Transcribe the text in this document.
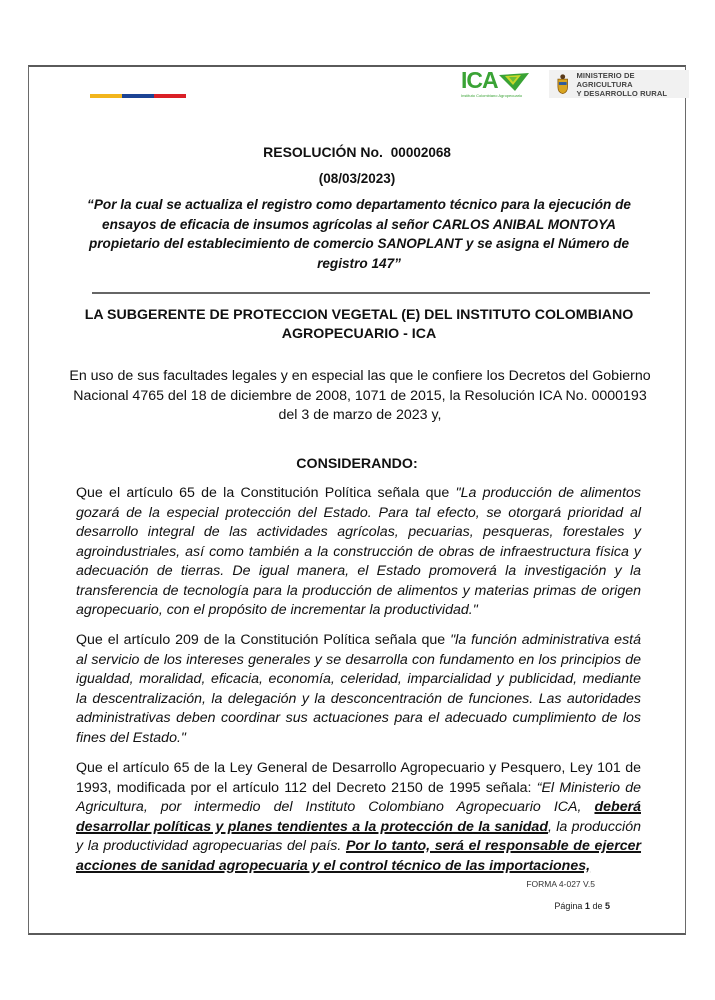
ICA
Instituto Colombiano Agropecuario
MINISTERIO DE AGRICULTURA
Y DESARROLLO RURAL
RESOLUCIÓN No. 00002068
(08/03/2023)
“Por la cual se actualiza el registro como departamento técnico para la ejecución de ensayos de eficacia de insumos agrícolas al señor CARLOS ANIBAL MONTOYA propietario del establecimiento de comercio SANOPLANT y se asigna el Número de registro 147”
LA SUBGERENTE DE PROTECCION VEGETAL (E) DEL INSTITUTO COLOMBIANO AGROPECUARIO - ICA
En uso de sus facultades legales y en especial las que le confiere los Decretos del Gobierno Nacional 4765 del 18 de diciembre de 2008, 1071 de 2015, la Resolución ICA No. 0000193 del 3 de marzo de 2023 y,
CONSIDERANDO:
Que el artículo 65 de la Constitución Política señala que "La producción de alimentos gozará de la especial protección del Estado. Para tal efecto, se otorgará prioridad al desarrollo integral de las actividades agrícolas, pecuarias, pesqueras, forestales y agroindustriales, así como también a la construcción de obras de infraestructura física y adecuación de tierras. De igual manera, el Estado promoverá la investigación y la transferencia de tecnología para la producción de alimentos y materias primas de origen agropecuario, con el propósito de incrementar la productividad."
Que el artículo 209 de la Constitución Política señala que "la función administrativa está al servicio de los intereses generales y se desarrolla con fundamento en los principios de igualdad, moralidad, eficacia, economía, celeridad, imparcialidad y publicidad, mediante la descentralización, la delegación y la desconcentración de funciones. Las autoridades administrativas deben coordinar sus actuaciones para el adecuado cumplimiento de los fines del Estado."
Que el artículo 65 de la Ley General de Desarrollo Agropecuario y Pesquero, Ley 101 de 1993, modificada por el artículo 112 del Decreto 2150 de 1995 señala: “El Ministerio de Agricultura, por intermedio del Instituto Colombiano Agropecuario ICA, deberá desarrollar políticas y planes tendientes a la protección de la sanidad, la producción y la productividad agropecuarias del país. Por lo tanto, será el responsable de ejercer acciones de sanidad agropecuaria y el control técnico de las importaciones,
FORMA 4-027 V.5
Página 1 de 5
